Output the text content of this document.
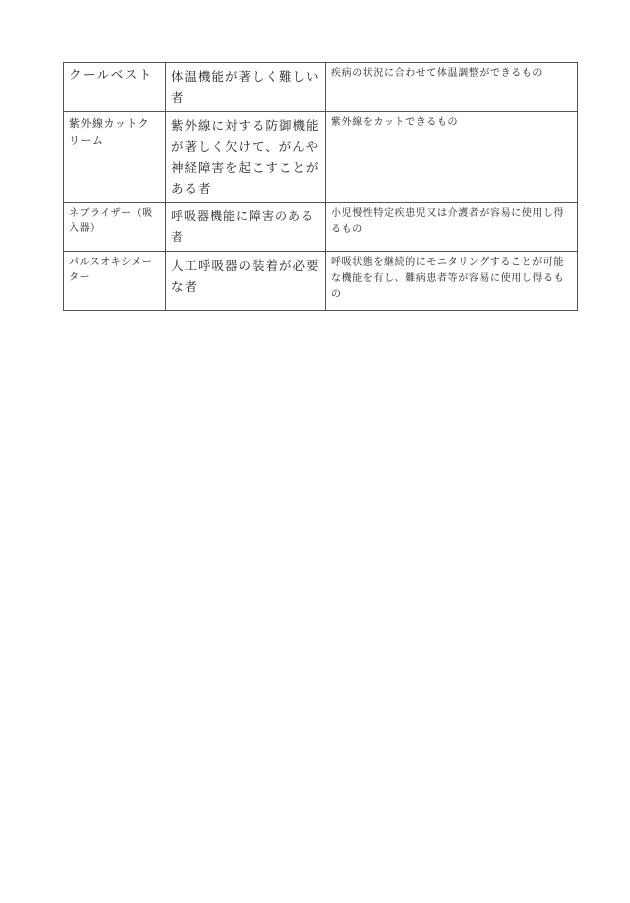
クールベスト	体温機能が著しく難しい者	疾病の状況に合わせて体温調整ができるもの
紫外線カットクリーム	紫外線に対する防御機能が著しく欠けて、がんや神経障害を起こすことがある者	紫外線をカットできるもの
ネブライザー（吸入器）	呼吸器機能に障害のある者	小児慢性特定疾患児又は介護者が容易に使用し得るもの
パルスオキシメーター	人工呼吸器の装着が必要な者	呼吸状態を継続的にモニタリングすることが可能な機能を有し、難病患者等が容易に使用し得るもの
